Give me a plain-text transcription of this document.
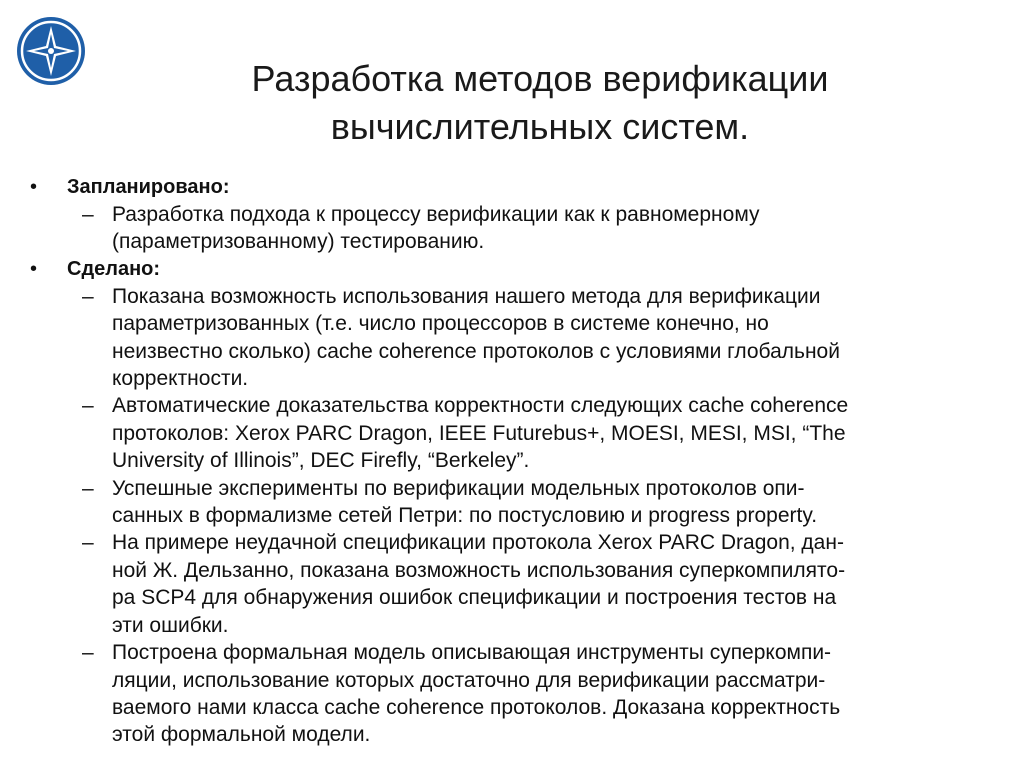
Разработка методов верификации
вычислительных систем.
• Запланировано:
– Разработка подхода к процессу верификации как к равномерному
(параметризованному) тестированию.
• Сделано:
– Показана возможность использования нашего метода для верификации
параметризованных (т.е. число процессоров в системе конечно, но
неизвестно сколько) cache coherence протоколов с условиями глобальной
корректности.
– Автоматические доказательства корректности следующих cache coherence
протоколов: Xerox PARC Dragon, IEEE Futurebus+, MOESI, MESI, MSI, “The
University of Illinois”, DEC Firefly, “Berkeley”.
– Успешные эксперименты по верификации модельных протоколов опи-
санных в формализме сетей Петри: по постусловию и progress property.
– На примере неудачной спецификации протокола Xerox PARC Dragon, дан-
ной Ж. Дельзанно, показана возможность использования суперкомпилято-
ра SCP4 для обнаружения ошибок спецификации и построения тестов на
эти ошибки.
– Построена формальная модель описывающая инструменты суперкомпи-
ляции, использование которых достаточно для верификации рассматри-
ваемого нами класса cache coherence протоколов. Доказана корректность
этой формальной модели.
